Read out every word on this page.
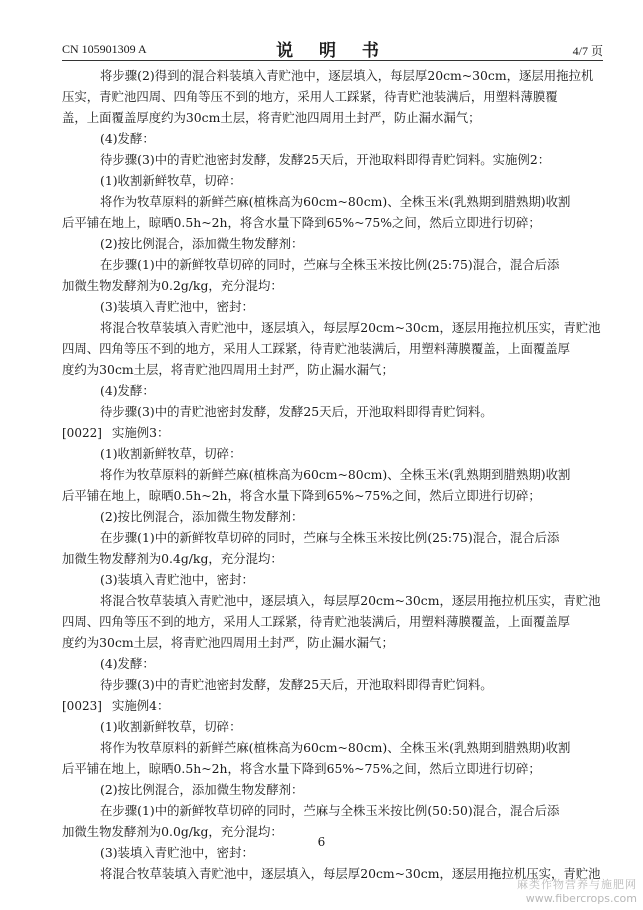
CN 105901309 A	说 明 书	4/7 页
将步骤(2)得到的混合料装填入青贮池中，逐层填入，每层厚20cm~30cm，逐层用拖拉机
压实，青贮池四周、四角等压不到的地方，采用人工踩紧，待青贮池装满后，用塑料薄膜覆
盖，上面覆盖厚度约为30cm土层，将青贮池四周用土封严，防止漏水漏气；
(4)发酵：
待步骤(3)中的青贮池密封发酵，发酵25天后，开池取料即得青贮饲料。实施例2：
(1)收割新鲜牧草，切碎：
将作为牧草原料的新鲜苎麻(植株高为60cm~80cm)、全株玉米(乳熟期到腊熟期)收割
后平铺在地上，晾晒0.5h~2h，将含水量下降到65%~75%之间，然后立即进行切碎；
(2)按比例混合，添加微生物发酵剂：
在步骤(1)中的新鲜牧草切碎的同时，苎麻与全株玉米按比例(25:75)混合，混合后添
加微生物发酵剂为0.2g/kg，充分混均：
(3)装填入青贮池中，密封：
将混合牧草装填入青贮池中，逐层填入，每层厚20cm~30cm，逐层用拖拉机压实，青贮池
四周、四角等压不到的地方，采用人工踩紧，待青贮池装满后，用塑料薄膜覆盖，上面覆盖厚
度约为30cm土层，将青贮池四周用土封严，防止漏水漏气；
(4)发酵：
待步骤(3)中的青贮池密封发酵，发酵25天后，开池取料即得青贮饲料。
[0022] 实施例3：
(1)收割新鲜牧草，切碎：
将作为牧草原料的新鲜苎麻(植株高为60cm~80cm)、全株玉米(乳熟期到腊熟期)收割
后平铺在地上，晾晒0.5h~2h，将含水量下降到65%~75%之间，然后立即进行切碎；
(2)按比例混合，添加微生物发酵剂：
在步骤(1)中的新鲜牧草切碎的同时，苎麻与全株玉米按比例(25:75)混合，混合后添
加微生物发酵剂为0.4g/kg，充分混均：
(3)装填入青贮池中，密封：
将混合牧草装填入青贮池中，逐层填入，每层厚20cm~30cm，逐层用拖拉机压实，青贮池
四周、四角等压不到的地方，采用人工踩紧，待青贮池装满后，用塑料薄膜覆盖，上面覆盖厚
度约为30cm土层，将青贮池四周用土封严，防止漏水漏气；
(4)发酵：
待步骤(3)中的青贮池密封发酵，发酵25天后，开池取料即得青贮饲料。
[0023] 实施例4：
(1)收割新鲜牧草，切碎：
将作为牧草原料的新鲜苎麻(植株高为60cm~80cm)、全株玉米(乳熟期到腊熟期)收割
后平铺在地上，晾晒0.5h~2h，将含水量下降到65%~75%之间，然后立即进行切碎；
(2)按比例混合，添加微生物发酵剂：
在步骤(1)中的新鲜牧草切碎的同时，苎麻与全株玉米按比例(50:50)混合，混合后添
加微生物发酵剂为0.0g/kg，充分混均：
(3)装填入青贮池中，密封：
将混合牧草装填入青贮池中，逐层填入，每层厚20cm~30cm，逐层用拖拉机压实，青贮池
6
麻类作物营养与施肥网
www.fibercrops.com
